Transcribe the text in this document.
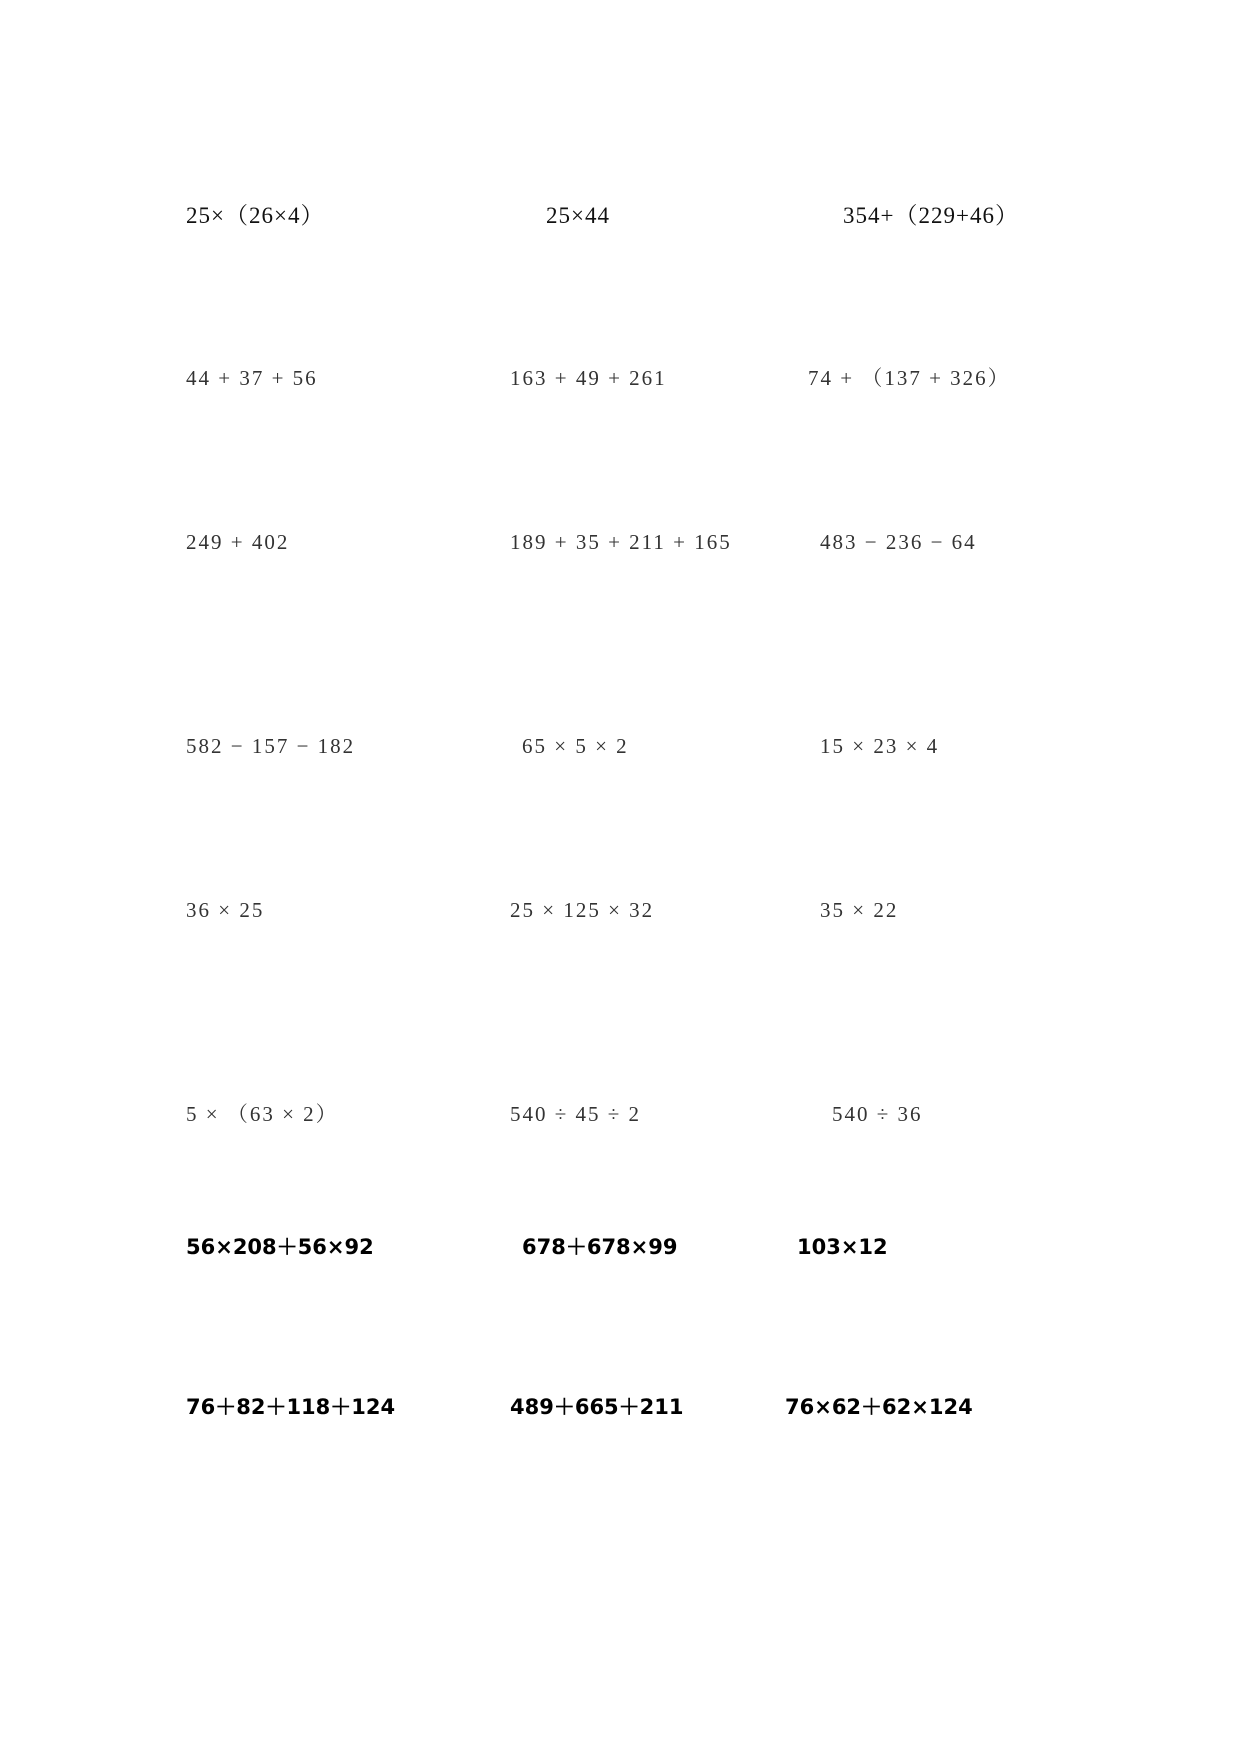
25×（26×4）	25×44	354+（229+46）
44 + 37 + 56	163 + 49 + 261	74 + （137 + 326）
249 + 402	189 + 35 + 211 + 165	483 − 236 − 64
582 − 157 − 182	65 × 5 × 2	15 × 23 × 4
36 × 25	25 × 125 × 32	35 × 22
5 × （63 × 2）	540 ÷ 45 ÷ 2	540 ÷ 36
56×208＋56×92	678＋678×99	103×12
76＋82＋118＋124	489＋665＋211	76×62＋62×124
